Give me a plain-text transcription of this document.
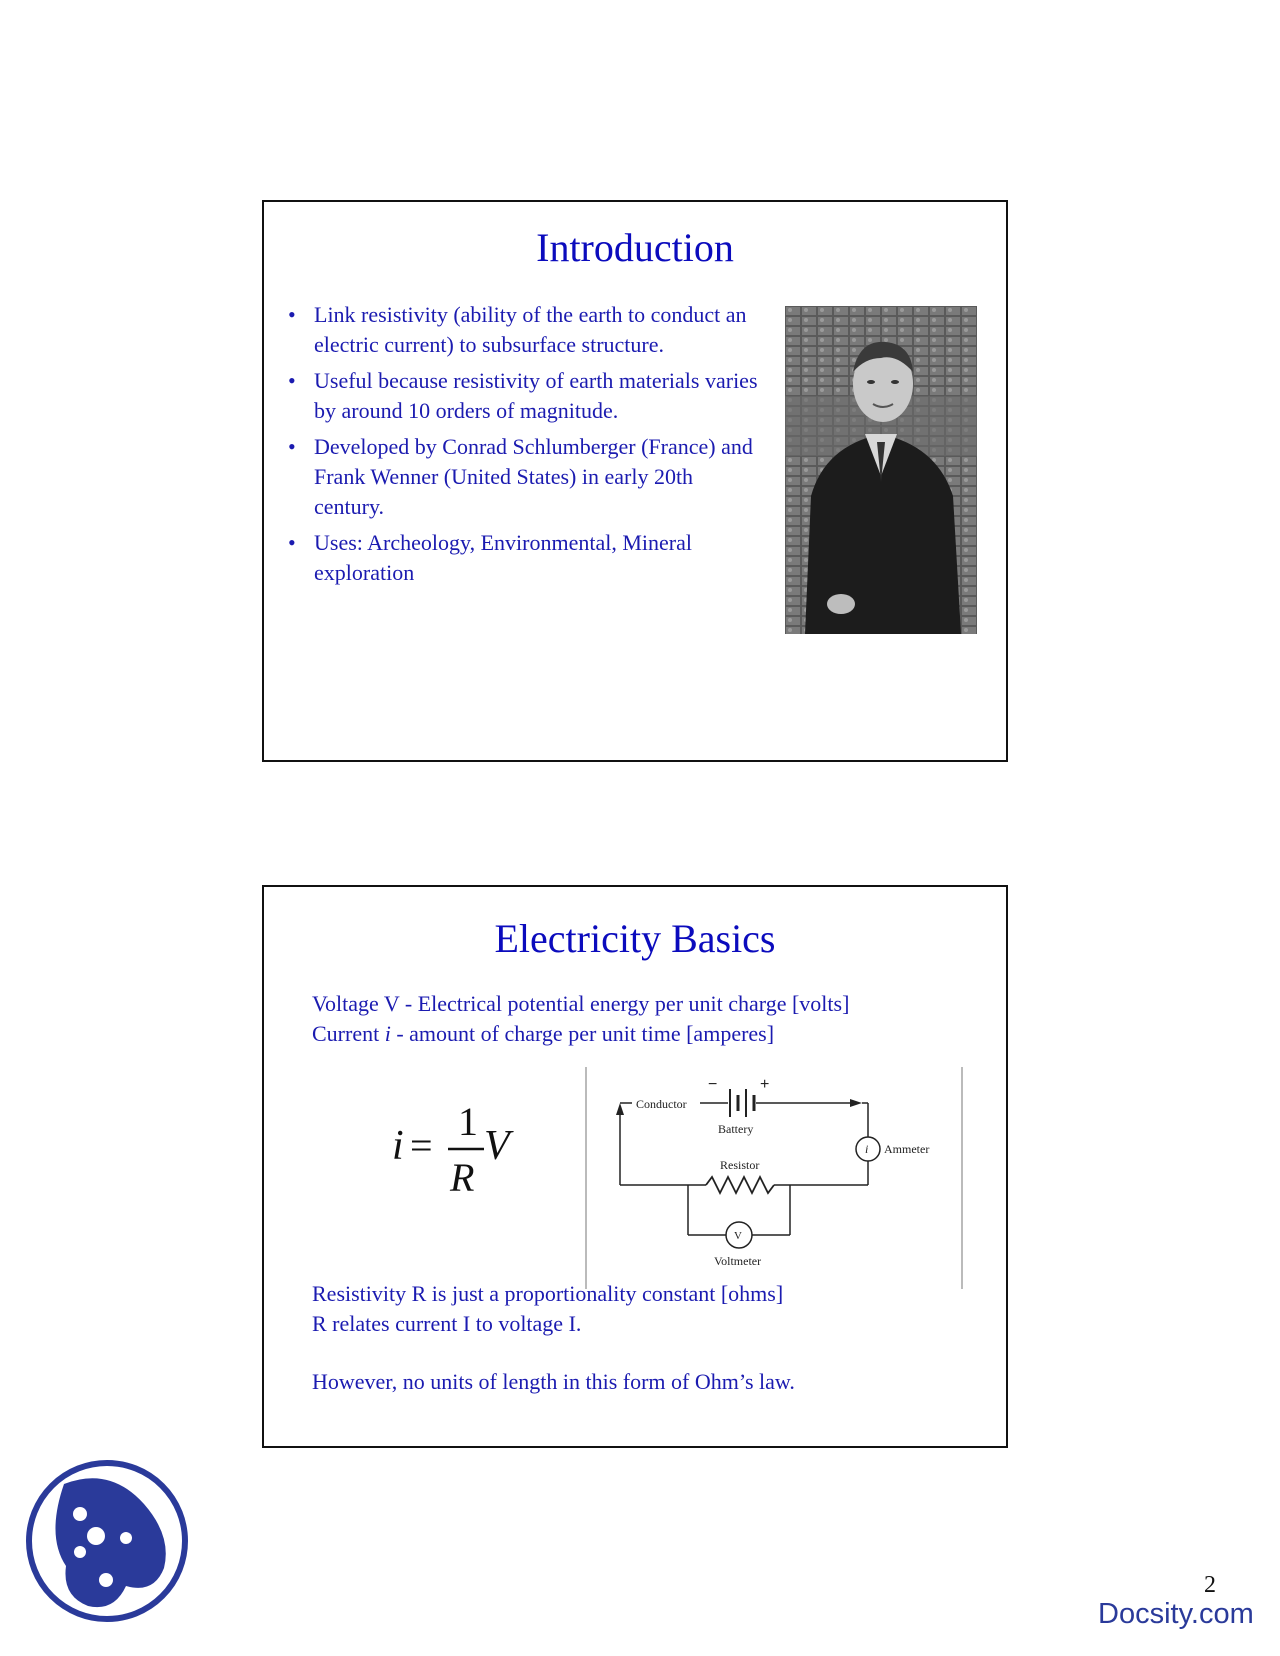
Introduction
• Link resistivity (ability of the earth to conduct an electric current) to subsurface structure.
• Useful because resistivity of earth materials varies by around 10 orders of magnitude.
• Developed by Conrad Schlumberger (France) and Frank Wenner (United States) in early 20th century.
• Uses: Archeology, Environmental, Mineral exploration
Electricity Basics
Voltage V - Electrical potential energy per unit charge [volts]
Current i - amount of charge per unit time [amperes]
i =
1
R
V
Conductor
−	+
Battery
i Ammeter
Resistor
V
Voltmeter
Resistivity R is just a proportionality constant [ohms]
R relates current I to voltage I.
However, no units of length in this form of Ohm’s law.
2
Docsity.com
